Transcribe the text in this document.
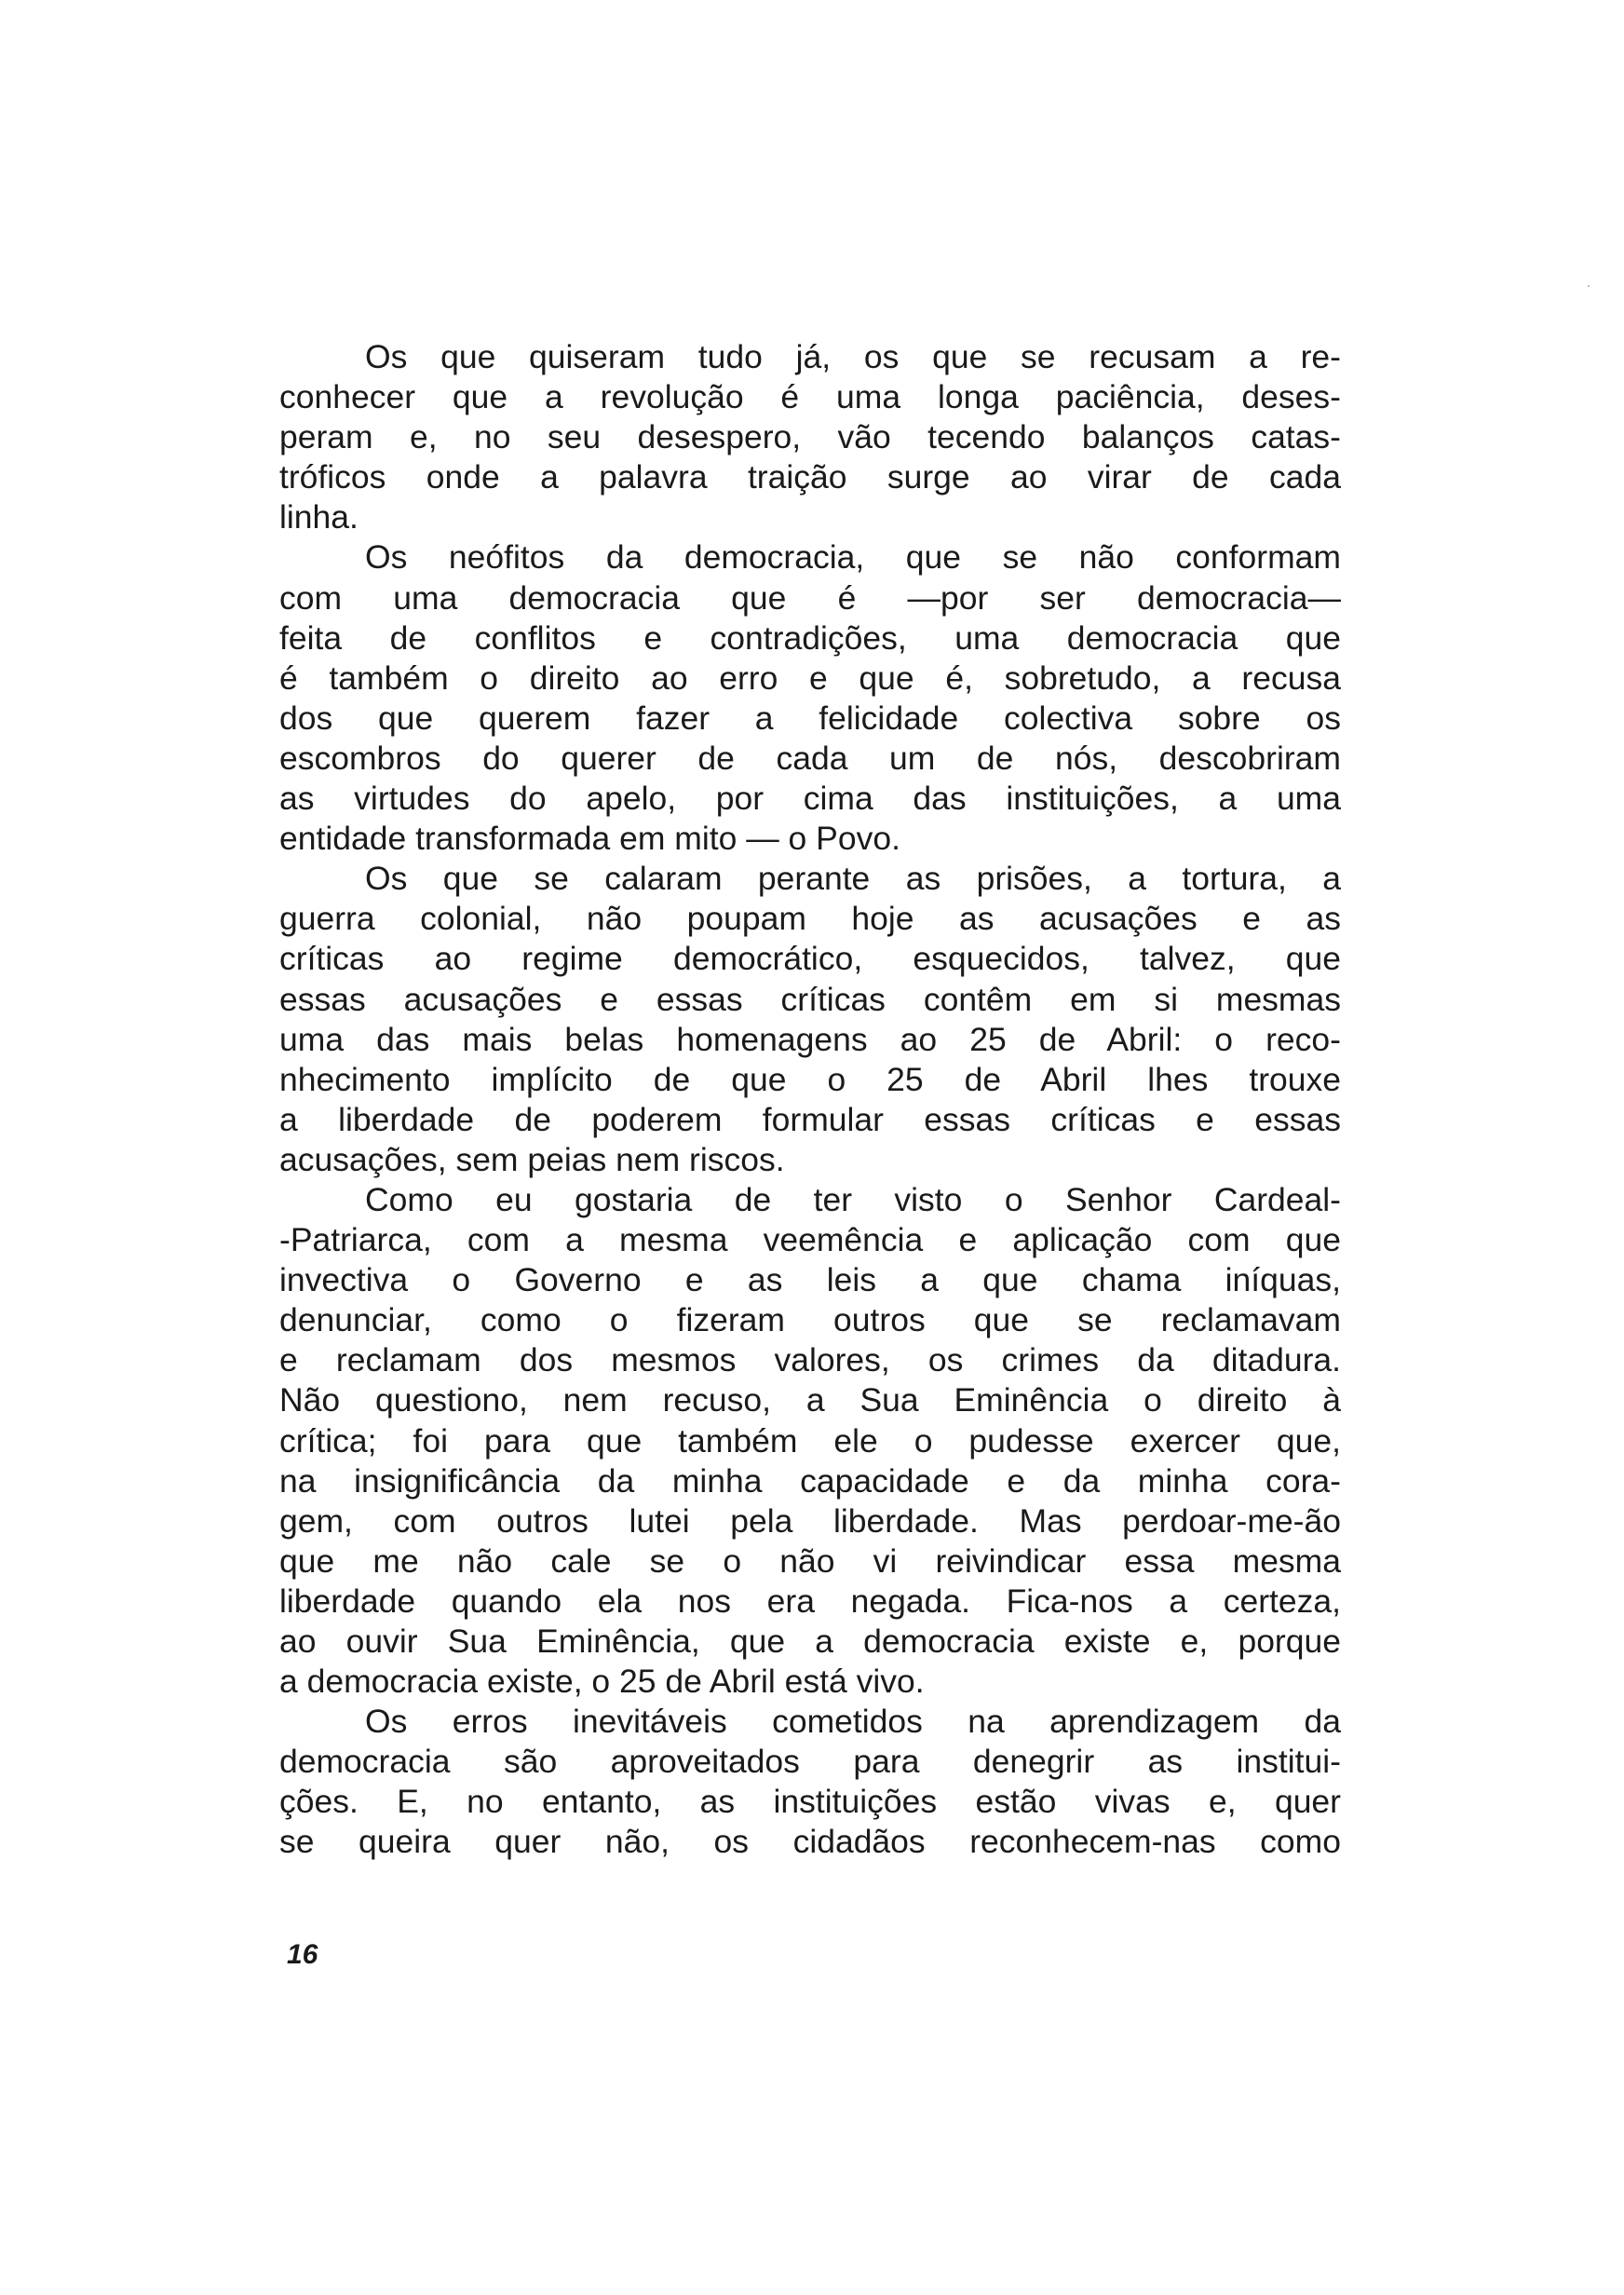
Os que quiseram tudo já, os que se recusam a re-
conhecer que a revolução é uma longa paciência, deses-
peram e, no seu desespero, vão tecendo balanços catas-
tróficos onde a palavra traição surge ao virar de cada
linha.

Os neófitos da democracia, que se não conformam
com uma democracia que é —por ser democracia—
feita de conflitos e contradições, uma democracia que
é também o direito ao erro e que é, sobretudo, a recusa
dos que querem fazer a felicidade colectiva sobre os
escombros do querer de cada um de nós, descobriram
as virtudes do apelo, por cima das instituições, a uma
entidade transformada em mito — o Povo.

Os que se calaram perante as prisões, a tortura, a
guerra colonial, não poupam hoje as acusações e as
críticas ao regime democrático, esquecidos, talvez, que
essas acusações e essas críticas contêm em si mesmas
uma das mais belas homenagens ao 25 de Abril: o reco-
nhecimento implícito de que o 25 de Abril lhes trouxe
a liberdade de poderem formular essas críticas e essas
acusações, sem peias nem riscos.

Como eu gostaria de ter visto o Senhor Cardeal-
-Patriarca, com a mesma veemência e aplicação com que
invectiva o Governo e as leis a que chama iníquas,
denunciar, como o fizeram outros que se reclamavam
e reclamam dos mesmos valores, os crimes da ditadura.
Não questiono, nem recuso, a Sua Eminência o direito à
crítica; foi para que também ele o pudesse exercer que,
na insignificância da minha capacidade e da minha cora-
gem, com outros lutei pela liberdade. Mas perdoar-me-ão
que me não cale se o não vi reivindicar essa mesma
liberdade quando ela nos era negada. Fica-nos a certeza,
ao ouvir Sua Eminência, que a democracia existe e, porque
a democracia existe, o 25 de Abril está vivo.

Os erros inevitáveis cometidos na aprendizagem da
democracia são aproveitados para denegrir as institui-
ções. E, no entanto, as instituições estão vivas e, quer
se queira quer não, os cidadãos reconhecem-nas como

16
